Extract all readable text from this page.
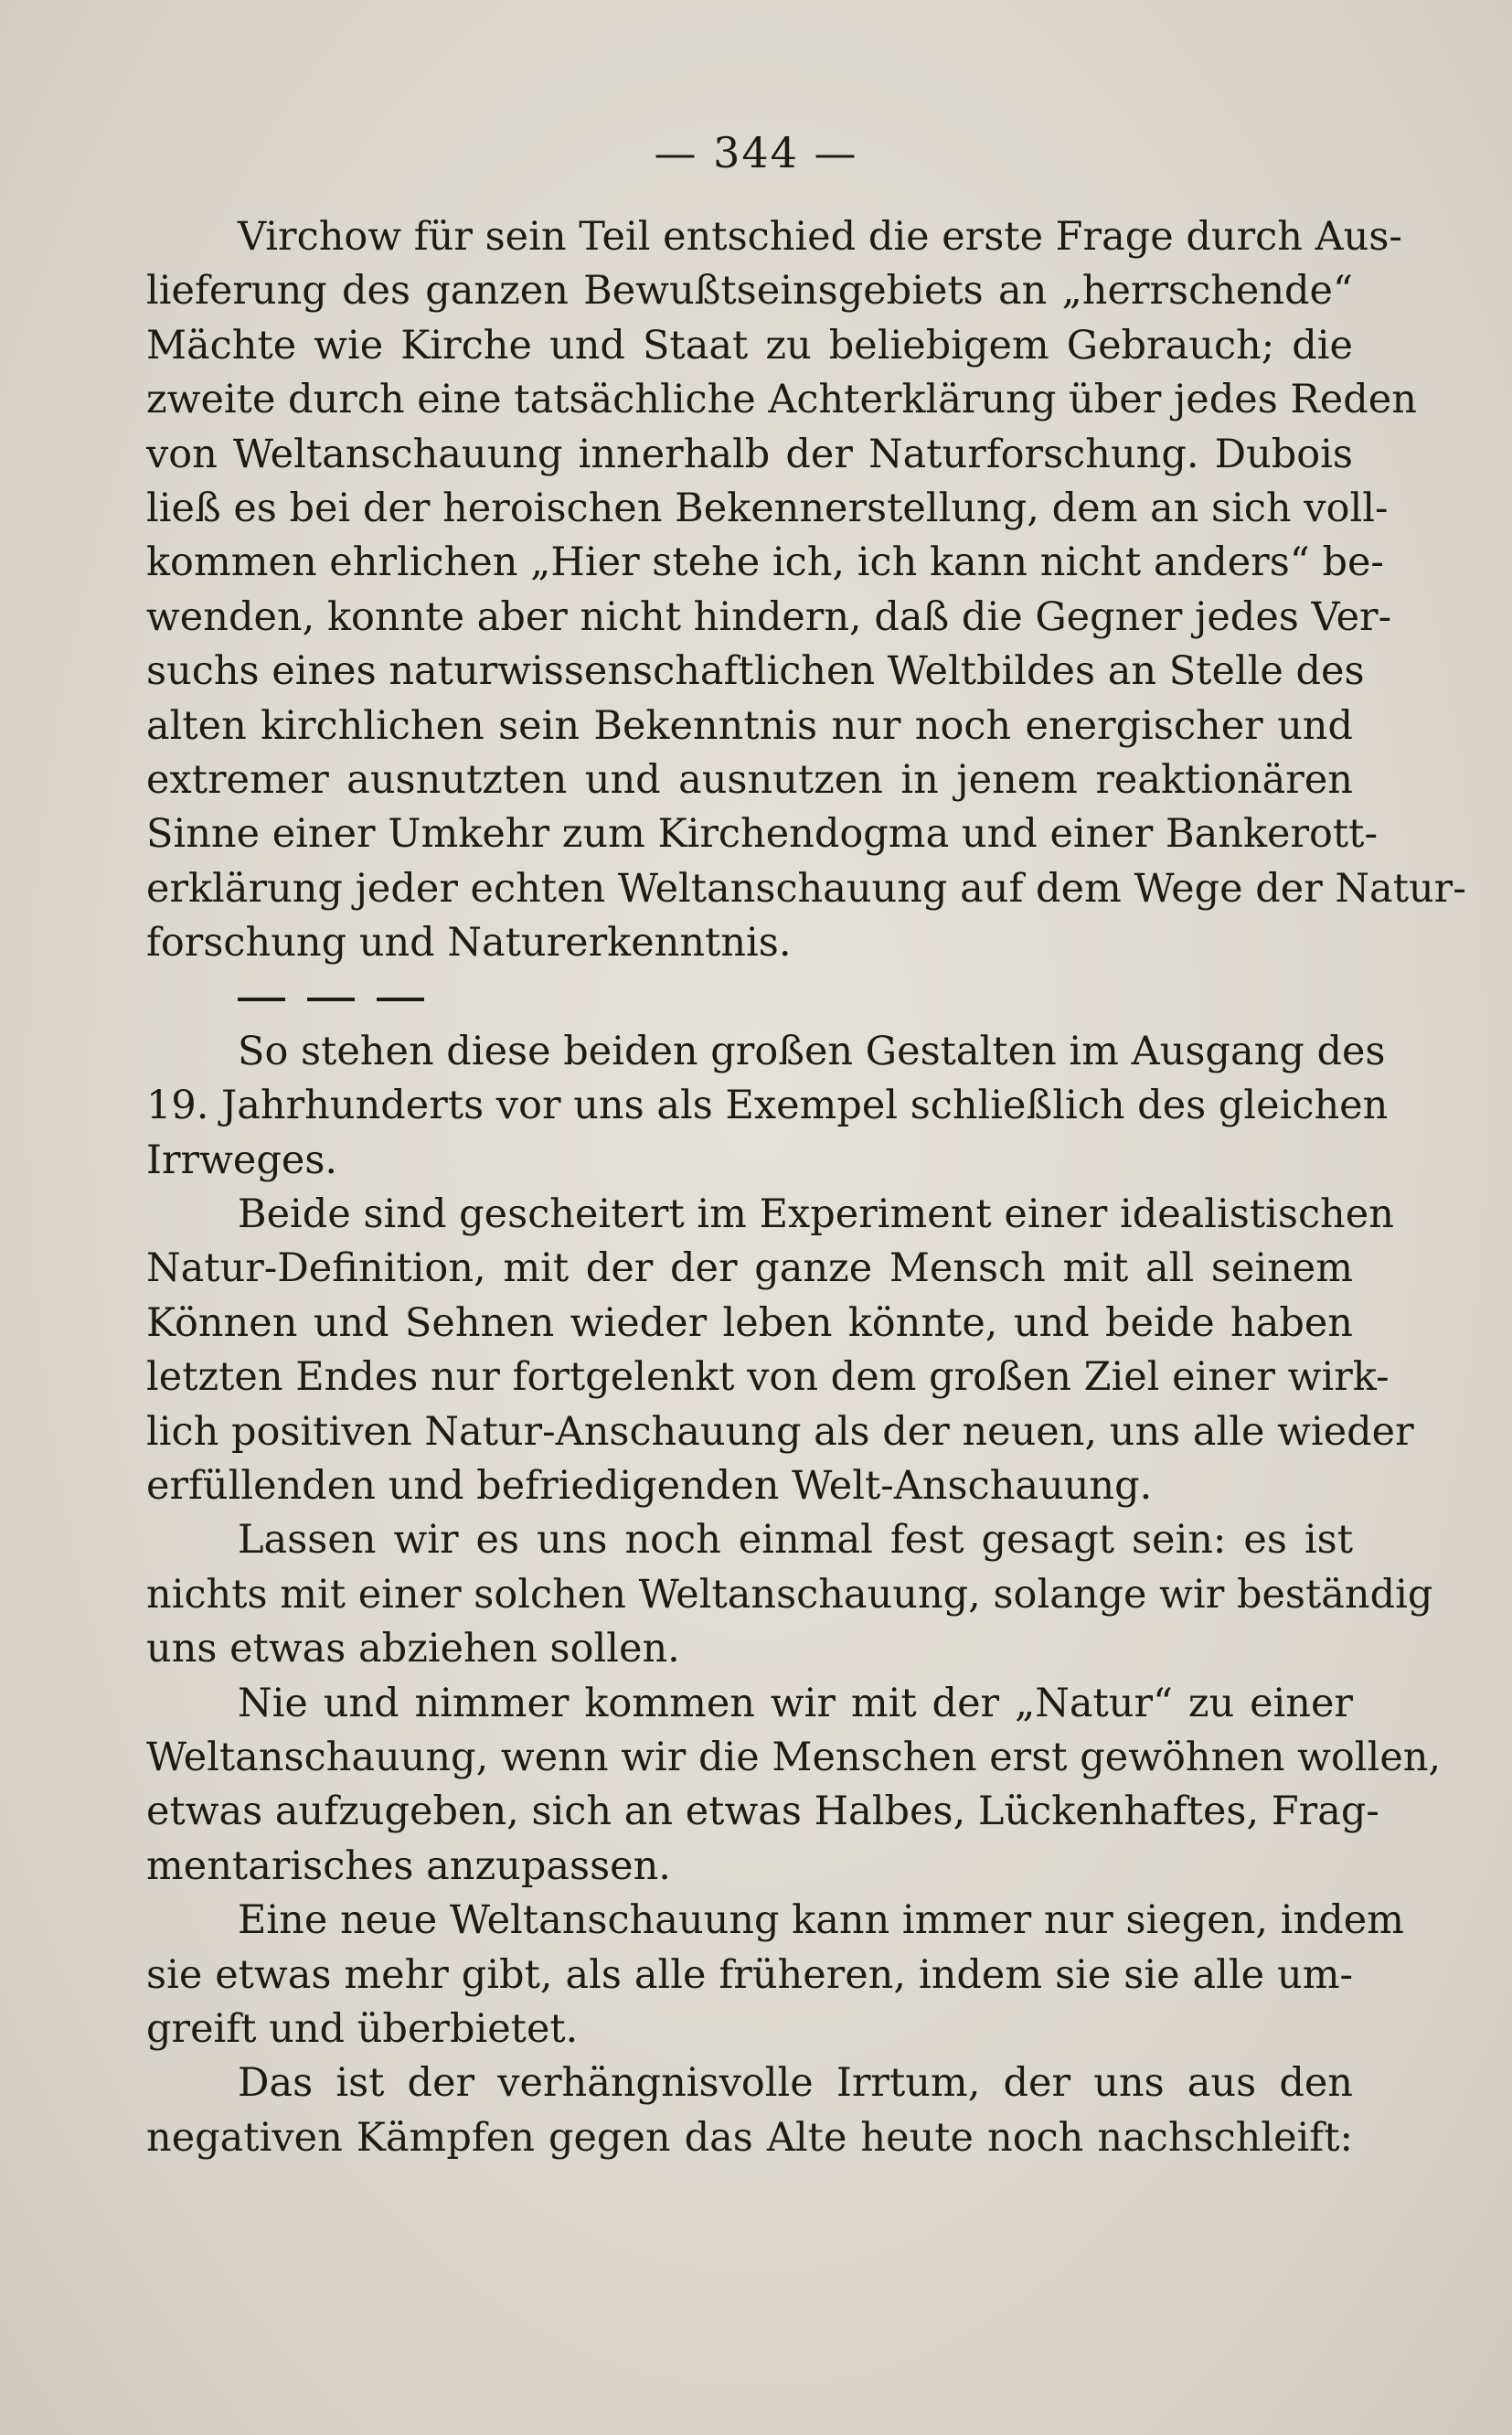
— 344 —
Virchow für sein Teil entschied die erste Frage durch Aus-
lieferung des ganzen Bewußtseinsgebiets an „herrschende“
Mächte wie Kirche und Staat zu beliebigem Gebrauch; die
zweite durch eine tatsächliche Achterklärung über jedes Reden
von Weltanschauung innerhalb der Naturforschung. Dubois
ließ es bei der heroischen Bekennerstellung, dem an sich voll-
kommen ehrlichen „Hier stehe ich, ich kann nicht anders“ be-
wenden, konnte aber nicht hindern, daß die Gegner jedes Ver-
suchs eines naturwissenschaftlichen Weltbildes an Stelle des
alten kirchlichen sein Bekenntnis nur noch energischer und
extremer ausnutzten und ausnutzen in jenem reaktionären
Sinne einer Umkehr zum Kirchendogma und einer Bankerott-
erklärung jeder echten Weltanschauung auf dem Wege der Natur-
forschung und Naturerkenntnis.
So stehen diese beiden großen Gestalten im Ausgang des
19. Jahrhunderts vor uns als Exempel schließlich des gleichen
Irrweges.
Beide sind gescheitert im Experiment einer idealistischen
Natur-Definition, mit der der ganze Mensch mit all seinem
Können und Sehnen wieder leben könnte, und beide haben
letzten Endes nur fortgelenkt von dem großen Ziel einer wirk-
lich positiven Natur-Anschauung als der neuen, uns alle wieder
erfüllenden und befriedigenden Welt-Anschauung.
Lassen wir es uns noch einmal fest gesagt sein: es ist
nichts mit einer solchen Weltanschauung, solange wir beständig
uns etwas abziehen sollen.
Nie und nimmer kommen wir mit der „Natur“ zu einer
Weltanschauung, wenn wir die Menschen erst gewöhnen wollen,
etwas aufzugeben, sich an etwas Halbes, Lückenhaftes, Frag-
mentarisches anzupassen.
Eine neue Weltanschauung kann immer nur siegen, indem
sie etwas mehr gibt, als alle früheren, indem sie sie alle um-
greift und überbietet.
Das ist der verhängnisvolle Irrtum, der uns aus den
negativen Kämpfen gegen das Alte heute noch nachschleift:
